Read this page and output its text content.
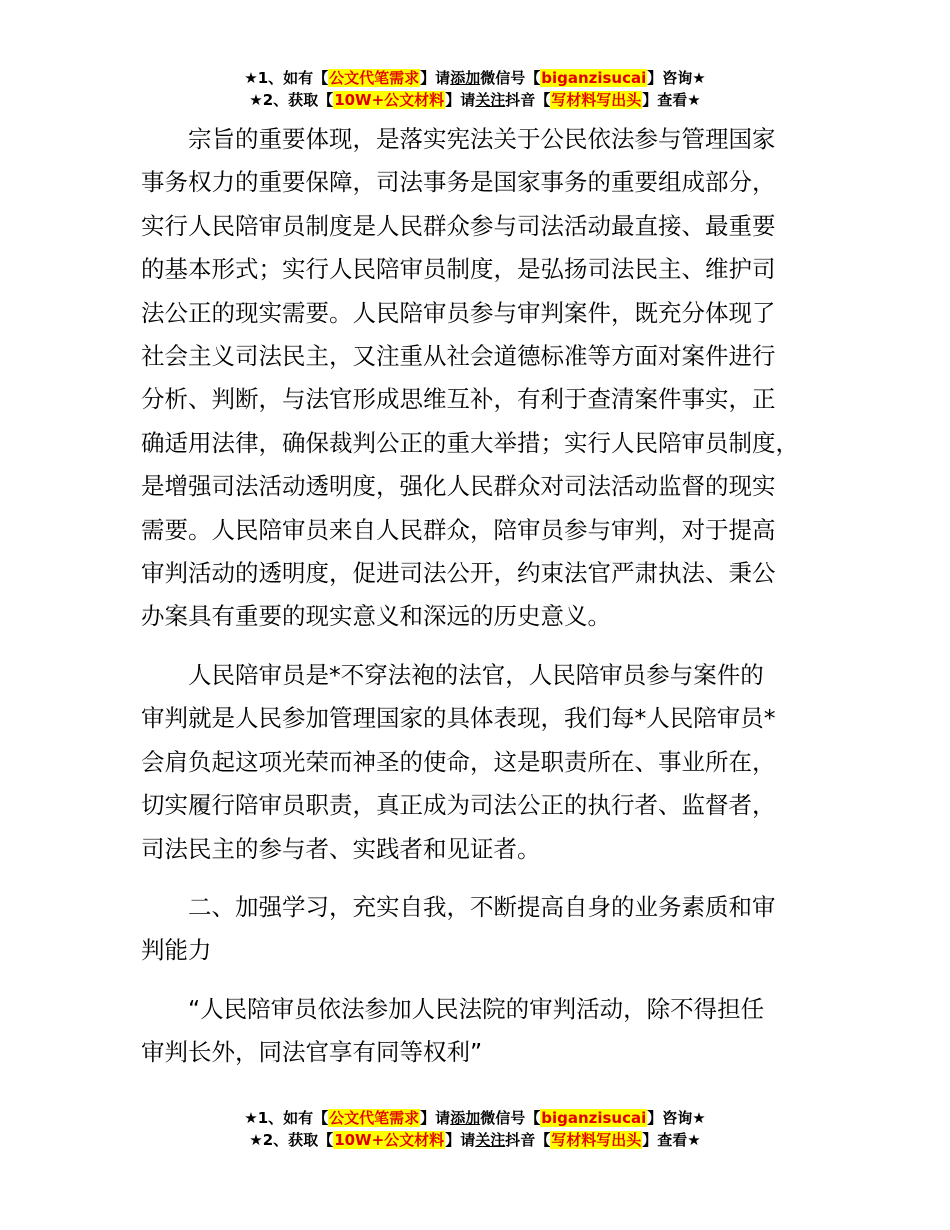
★1、如有【公文代笔需求】请添加微信号【biganzisucai】咨询★
★2、获取【10W+公文材料】请关注抖音【写材料写出头】查看★

宗旨的重要体现，是落实宪法关于公民依法参与管理国家
事务权力的重要保障，司法事务是国家事务的重要组成部分，
实行人民陪审员制度是人民群众参与司法活动最直接、最重要
的基本形式；实行人民陪审员制度，是弘扬司法民主、维护司
法公正的现实需要。人民陪审员参与审判案件，既充分体现了
社会主义司法民主，又注重从社会道德标准等方面对案件进行
分析、判断，与法官形成思维互补，有利于查清案件事实，正
确适用法律，确保裁判公正的重大举措；实行人民陪审员制度，
是增强司法活动透明度，强化人民群众对司法活动监督的现实
需要。人民陪审员来自人民群众，陪审员参与审判，对于提高
审判活动的透明度，促进司法公开，约束法官严肃执法、秉公
办案具有重要的现实意义和深远的历史意义。

人民陪审员是*不穿法袍的法官，人民陪审员参与案件的
审判就是人民参加管理国家的具体表现，我们每*人民陪审员*
会肩负起这项光荣而神圣的使命，这是职责所在、事业所在，
切实履行陪审员职责，真正成为司法公正的执行者、监督者，
司法民主的参与者、实践者和见证者。

二、加强学习，充实自我，不断提高自身的业务素质和审
判能力

“人民陪审员依法参加人民法院的审判活动，除不得担任
审判长外，同法官享有同等权利”

★1、如有【公文代笔需求】请添加微信号【biganzisucai】咨询★
★2、获取【10W+公文材料】请关注抖音【写材料写出头】查看★
